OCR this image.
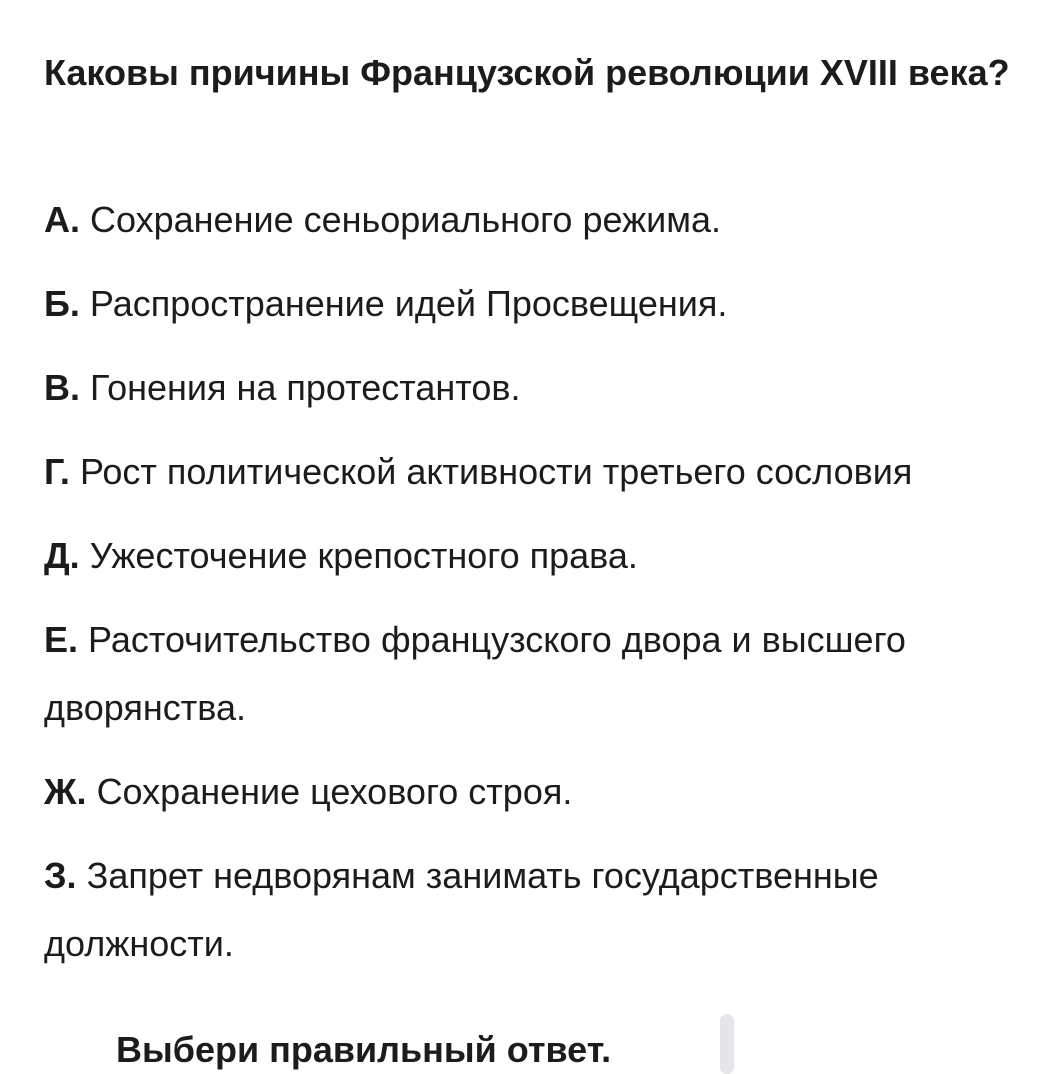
Каковы причины Французской революции XVIII века?
А. Сохранение сеньориального режима.
Б. Распространение идей Просвещения.
В. Гонения на протестантов.
Г. Рост политической активности третьего сословия
Д. Ужесточение крепостного права.
Е. Расточительство французского двора и высшего дворянства.
Ж. Сохранение цехового строя.
З. Запрет недворянам занимать государственные должности.
Выбери правильный ответ.
